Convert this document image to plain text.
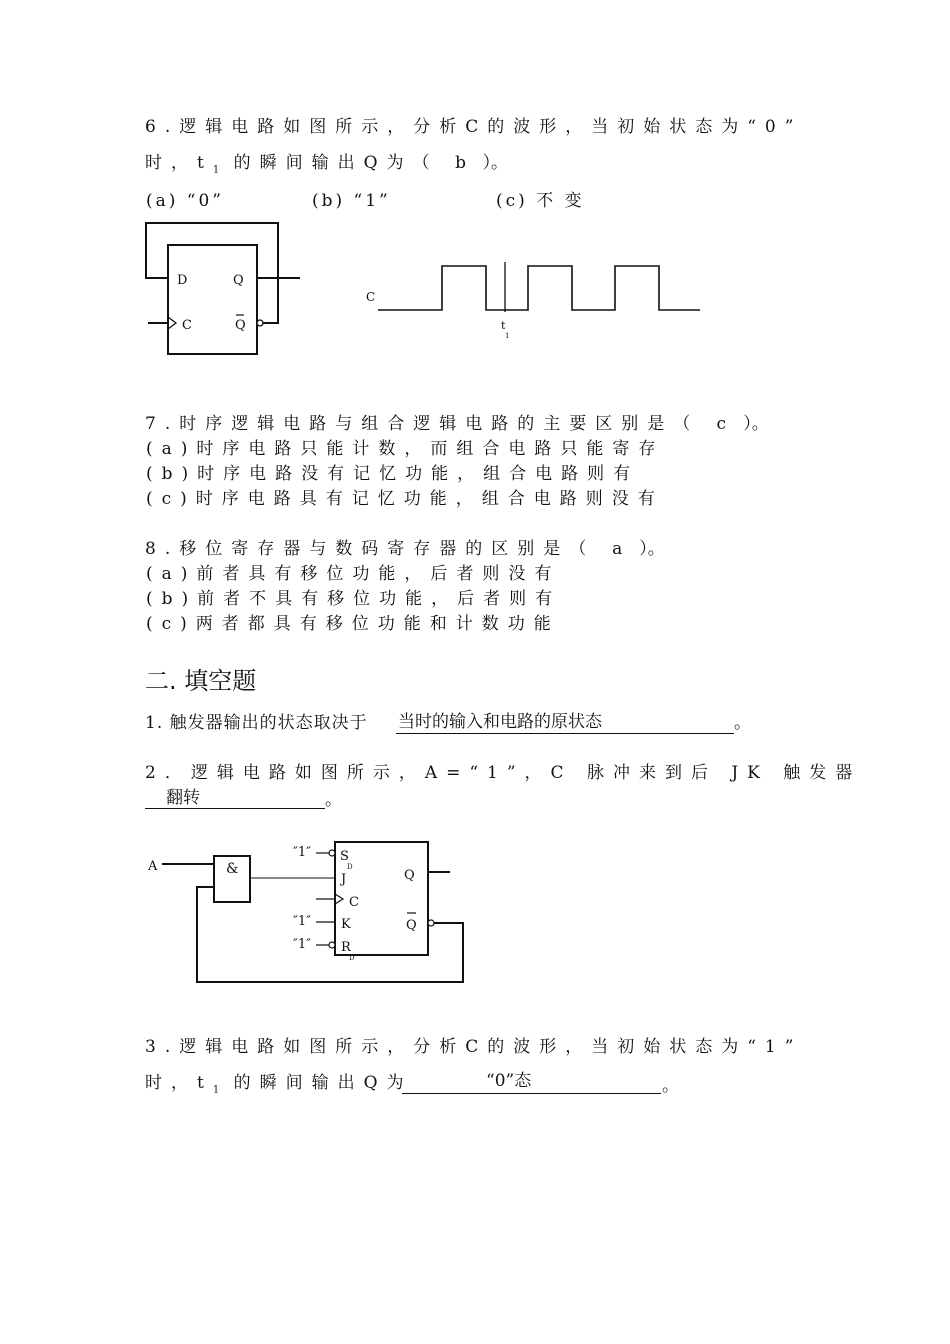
6.逻辑电路如图所示，分析C的波形，当初始状态为“0”
时，$t_1$ 的瞬间输出Q为（ b ）。
(a) “0”	(b) “1”	(c) 不 变
D	Q
C	Q
C
t
1
7.时序逻辑电路与组合逻辑电路的主要区别是（ c ）。
(a)时序电路只能计数，而组合电路只能寄存
(b)时序电路没有记忆功能，组合电路则有
(c)时序电路具有记忆功能，组合电路则没有
8.移位寄存器与数码寄存器的区别是（ a ）。
(a)前者具有移位功能，后者则没有
(b)前者不具有移位功能，后者则有
(c)两者都具有移位功能和计数功能
二. 填空题
1. 触发器输出的状态取决于 当时的输入和电路的原状态	。
2．逻辑电路如图所示，A=“1”，C 脉冲来到后 JK 触发器
翻转	。
A	&
″1″
″1″
″1″
S
D
J
C
K
R
D
Q
Q
3.逻辑电路如图所示，分析C的波形，当初始状态为“1”
时，$t_1$ 的瞬间输出Q为	“0”态	。
